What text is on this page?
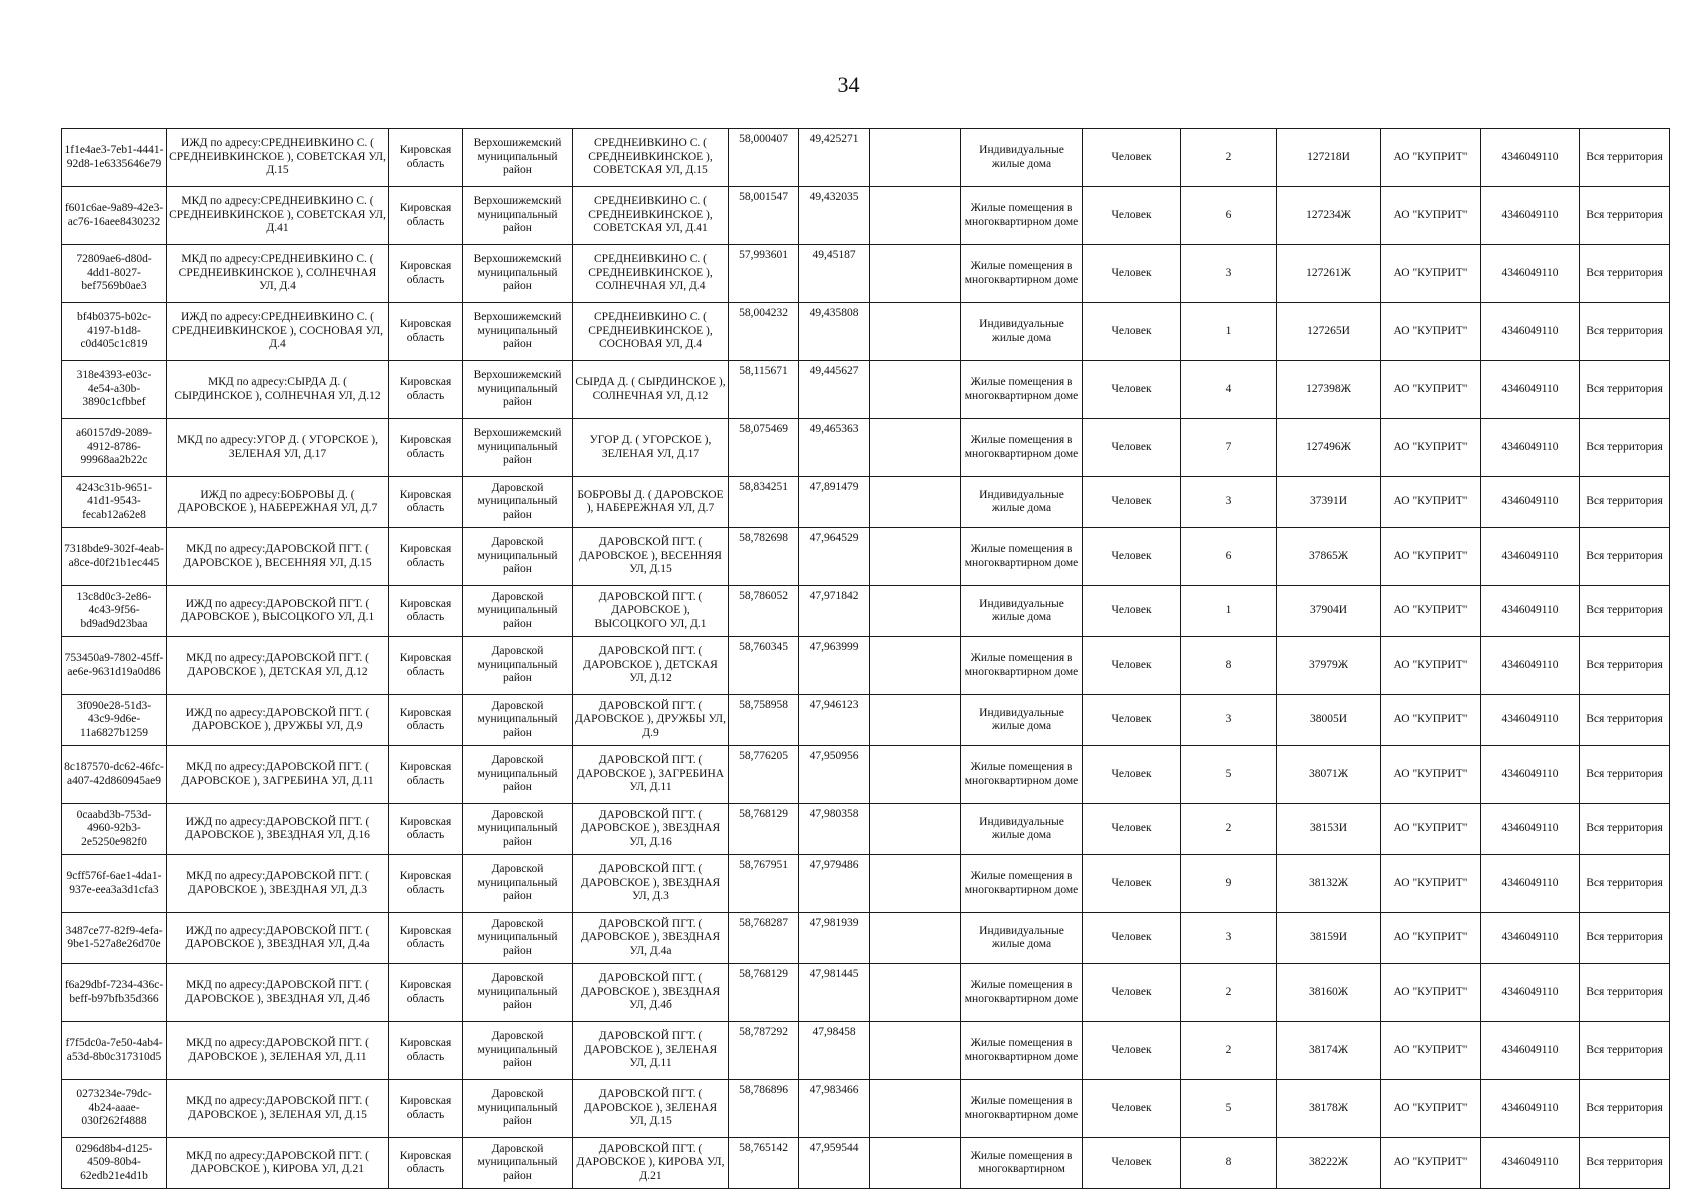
34
1f1e4ae3-7eb1-4441-92d8-1e6335646e79	ИЖД по адресу:СРЕДНЕИВКИНО С. ( СРЕДНЕИВКИНСКОЕ ), СОВЕТСКАЯ УЛ, Д.15	Кировская область	Верхошижемский муниципальный район	СРЕДНЕИВКИНО С. ( СРЕДНЕИВКИНСКОЕ ), СОВЕТСКАЯ УЛ, Д.15	58,000407	49,425271		Индивидуальные жилые дома	Человек	2	127218И	АО "КУПРИТ"	4346049110	Вся территория
f601c6ae-9a89-42e3-ac76-16aee8430232	МКД по адресу:СРЕДНЕИВКИНО С. ( СРЕДНЕИВКИНСКОЕ ), СОВЕТСКАЯ УЛ, Д.41	Кировская область	Верхошижемский муниципальный район	СРЕДНЕИВКИНО С. ( СРЕДНЕИВКИНСКОЕ ), СОВЕТСКАЯ УЛ, Д.41	58,001547	49,432035		Жилые помещения в многоквартирном доме	Человек	6	127234Ж	АО "КУПРИТ"	4346049110	Вся территория
72809ae6-d80d-4dd1-8027-bef7569b0ae3	МКД по адресу:СРЕДНЕИВКИНО С. ( СРЕДНЕИВКИНСКОЕ ), СОЛНЕЧНАЯ УЛ, Д.4	Кировская область	Верхошижемский муниципальный район	СРЕДНЕИВКИНО С. ( СРЕДНЕИВКИНСКОЕ ), СОЛНЕЧНАЯ УЛ, Д.4	57,993601	49,45187		Жилые помещения в многоквартирном доме	Человек	3	127261Ж	АО "КУПРИТ"	4346049110	Вся территория
bf4b0375-b02c-4197-b1d8-c0d405c1c819	ИЖД по адресу:СРЕДНЕИВКИНО С. ( СРЕДНЕИВКИНСКОЕ ), СОСНОВАЯ УЛ, Д.4	Кировская область	Верхошижемский муниципальный район	СРЕДНЕИВКИНО С. ( СРЕДНЕИВКИНСКОЕ ), СОСНОВАЯ УЛ, Д.4	58,004232	49,435808		Индивидуальные жилые дома	Человек	1	127265И	АО "КУПРИТ"	4346049110	Вся территория
318e4393-e03c-4e54-a30b-3890c1cfbbef	МКД по адресу:СЫРДА Д. ( СЫРДИНСКОЕ ), СОЛНЕЧНАЯ УЛ, Д.12	Кировская область	Верхошижемский муниципальный район	СЫРДА Д. ( СЫРДИНСКОЕ ), СОЛНЕЧНАЯ УЛ, Д.12	58,115671	49,445627		Жилые помещения в многоквартирном доме	Человек	4	127398Ж	АО "КУПРИТ"	4346049110	Вся территория
a60157d9-2089-4912-8786-99968aa2b22c	МКД по адресу:УГОР Д. ( УГОРСКОЕ ), ЗЕЛЕНАЯ УЛ, Д.17	Кировская область	Верхошижемский муниципальный район	УГОР Д. ( УГОРСКОЕ ), ЗЕЛЕНАЯ УЛ, Д.17	58,075469	49,465363		Жилые помещения в многоквартирном доме	Человек	7	127496Ж	АО "КУПРИТ"	4346049110	Вся территория
4243c31b-9651-41d1-9543-fecab12a62e8	ИЖД по адресу:БОБРОВЫ Д. ( ДАРОВСКОЕ ), НАБЕРЕЖНАЯ УЛ, Д.7	Кировская область	Даровской муниципальный район	БОБРОВЫ Д. ( ДАРОВСКОЕ ), НАБЕРЕЖНАЯ УЛ, Д.7	58,834251	47,891479		Индивидуальные жилые дома	Человек	3	37391И	АО "КУПРИТ"	4346049110	Вся территория
7318bde9-302f-4eab-a8ce-d0f21b1ec445	МКД по адресу:ДАРОВСКОЙ ПГТ. ( ДАРОВСКОЕ ), ВЕСЕННЯЯ УЛ, Д.15	Кировская область	Даровской муниципальный район	ДАРОВСКОЙ ПГТ. ( ДАРОВСКОЕ ), ВЕСЕННЯЯ УЛ, Д.15	58,782698	47,964529		Жилые помещения в многоквартирном доме	Человек	6	37865Ж	АО "КУПРИТ"	4346049110	Вся территория
13c8d0c3-2e86-4c43-9f56-bd9ad9d23baa	ИЖД по адресу:ДАРОВСКОЙ ПГТ. ( ДАРОВСКОЕ ), ВЫСОЦКОГО УЛ, Д.1	Кировская область	Даровской муниципальный район	ДАРОВСКОЙ ПГТ. ( ДАРОВСКОЕ ), ВЫСОЦКОГО УЛ, Д.1	58,786052	47,971842		Индивидуальные жилые дома	Человек	1	37904И	АО "КУПРИТ"	4346049110	Вся территория
753450a9-7802-45ff-ae6e-9631d19a0d86	МКД по адресу:ДАРОВСКОЙ ПГТ. ( ДАРОВСКОЕ ), ДЕТСКАЯ УЛ, Д.12	Кировская область	Даровской муниципальный район	ДАРОВСКОЙ ПГТ. ( ДАРОВСКОЕ ), ДЕТСКАЯ УЛ, Д.12	58,760345	47,963999		Жилые помещения в многоквартирном доме	Человек	8	37979Ж	АО "КУПРИТ"	4346049110	Вся территория
3f090e28-51d3-43c9-9d6e-11a6827b1259	ИЖД по адресу:ДАРОВСКОЙ ПГТ. ( ДАРОВСКОЕ ), ДРУЖБЫ УЛ, Д.9	Кировская область	Даровской муниципальный район	ДАРОВСКОЙ ПГТ. ( ДАРОВСКОЕ ), ДРУЖБЫ УЛ, Д.9	58,758958	47,946123		Индивидуальные жилые дома	Человек	3	38005И	АО "КУПРИТ"	4346049110	Вся территория
8c187570-dc62-46fc-a407-42d860945ae9	МКД по адресу:ДАРОВСКОЙ ПГТ. ( ДАРОВСКОЕ ), ЗАГРЕБИНА УЛ, Д.11	Кировская область	Даровской муниципальный район	ДАРОВСКОЙ ПГТ. ( ДАРОВСКОЕ ), ЗАГРЕБИНА УЛ, Д.11	58,776205	47,950956		Жилые помещения в многоквартирном доме	Человек	5	38071Ж	АО "КУПРИТ"	4346049110	Вся территория
0caabd3b-753d-4960-92b3-2e5250e982f0	ИЖД по адресу:ДАРОВСКОЙ ПГТ. ( ДАРОВСКОЕ ), ЗВЕЗДНАЯ УЛ, Д.16	Кировская область	Даровской муниципальный район	ДАРОВСКОЙ ПГТ. ( ДАРОВСКОЕ ), ЗВЕЗДНАЯ УЛ, Д.16	58,768129	47,980358		Индивидуальные жилые дома	Человек	2	38153И	АО "КУПРИТ"	4346049110	Вся территория
9cff576f-6ae1-4da1-937e-eea3a3d1cfa3	МКД по адресу:ДАРОВСКОЙ ПГТ. ( ДАРОВСКОЕ ), ЗВЕЗДНАЯ УЛ, Д.3	Кировская область	Даровской муниципальный район	ДАРОВСКОЙ ПГТ. ( ДАРОВСКОЕ ), ЗВЕЗДНАЯ УЛ, Д.3	58,767951	47,979486		Жилые помещения в многоквартирном доме	Человек	9	38132Ж	АО "КУПРИТ"	4346049110	Вся территория
3487ce77-82f9-4efa-9be1-527a8e26d70e	ИЖД по адресу:ДАРОВСКОЙ ПГТ. ( ДАРОВСКОЕ ), ЗВЕЗДНАЯ УЛ, Д.4а	Кировская область	Даровской муниципальный район	ДАРОВСКОЙ ПГТ. ( ДАРОВСКОЕ ), ЗВЕЗДНАЯ УЛ, Д.4а	58,768287	47,981939		Индивидуальные жилые дома	Человек	3	38159И	АО "КУПРИТ"	4346049110	Вся территория
f6a29dbf-7234-436c-beff-b97bfb35d366	МКД по адресу:ДАРОВСКОЙ ПГТ. ( ДАРОВСКОЕ ), ЗВЕЗДНАЯ УЛ, Д.4б	Кировская область	Даровской муниципальный район	ДАРОВСКОЙ ПГТ. ( ДАРОВСКОЕ ), ЗВЕЗДНАЯ УЛ, Д.4б	58,768129	47,981445		Жилые помещения в многоквартирном доме	Человек	2	38160Ж	АО "КУПРИТ"	4346049110	Вся территория
f7f5dc0a-7e50-4ab4-a53d-8b0c317310d5	МКД по адресу:ДАРОВСКОЙ ПГТ. ( ДАРОВСКОЕ ), ЗЕЛЕНАЯ УЛ, Д.11	Кировская область	Даровской муниципальный район	ДАРОВСКОЙ ПГТ. ( ДАРОВСКОЕ ), ЗЕЛЕНАЯ УЛ, Д.11	58,787292	47,98458		Жилые помещения в многоквартирном доме	Человек	2	38174Ж	АО "КУПРИТ"	4346049110	Вся территория
0273234e-79dc-4b24-aaae-030f262f4888	МКД по адресу:ДАРОВСКОЙ ПГТ. ( ДАРОВСКОЕ ), ЗЕЛЕНАЯ УЛ, Д.15	Кировская область	Даровской муниципальный район	ДАРОВСКОЙ ПГТ. ( ДАРОВСКОЕ ), ЗЕЛЕНАЯ УЛ, Д.15	58,786896	47,983466		Жилые помещения в многоквартирном доме	Человек	5	38178Ж	АО "КУПРИТ"	4346049110	Вся территория
0296d8b4-d125-4509-80b4-62edb21e4d1b	МКД по адресу:ДАРОВСКОЙ ПГТ. ( ДАРОВСКОЕ ), КИРОВА УЛ, Д.21	Кировская область	Даровской муниципальный район	ДАРОВСКОЙ ПГТ. ( ДАРОВСКОЕ ), КИРОВА УЛ, Д.21	58,765142	47,959544		Жилые помещения в многоквартирном	Человек	8	38222Ж	АО "КУПРИТ"	4346049110	Вся территория
